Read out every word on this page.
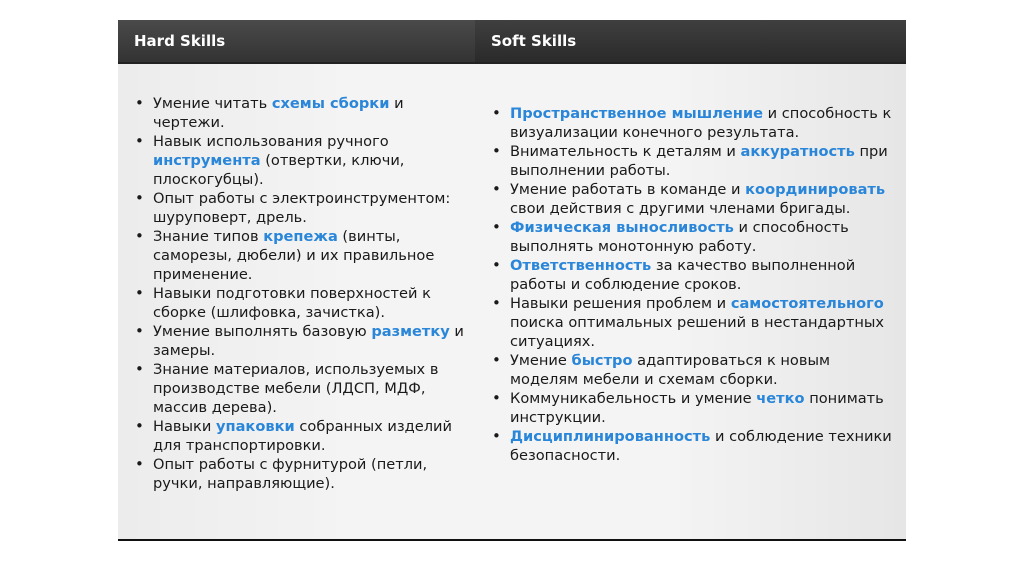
Hard Skills	Soft Skills
• Умение читать схемы сборки и чертежи.
• Навык использования ручного инструмента (отвертки, ключи, плоскогубцы).
• Опыт работы с электроинструментом: шуруповерт, дрель.
• Знание типов крепежа (винты, саморезы, дюбели) и их правильное применение.
• Навыки подготовки поверхностей к сборке (шлифовка, зачистка).
• Умение выполнять базовую разметку и замеры.
• Знание материалов, используемых в производстве мебели (ЛДСП, МДФ, массив дерева).
• Навыки упаковки собранных изделий для транспортировки.
• Опыт работы с фурнитурой (петли, ручки, направляющие).
• Пространственное мышление и способность к визуализации конечного результата.
• Внимательность к деталям и аккуратность при выполнении работы.
• Умение работать в команде и координировать свои действия с другими членами бригады.
• Физическая выносливость и способность выполнять монотонную работу.
• Ответственность за качество выполненной работы и соблюдение сроков.
• Навыки решения проблем и самостоятельного поиска оптимальных решений в нестандартных ситуациях.
• Умение быстро адаптироваться к новым моделям мебели и схемам сборки.
• Коммуникабельность и умение четко понимать инструкции.
• Дисциплинированность и соблюдение техники безопасности.
